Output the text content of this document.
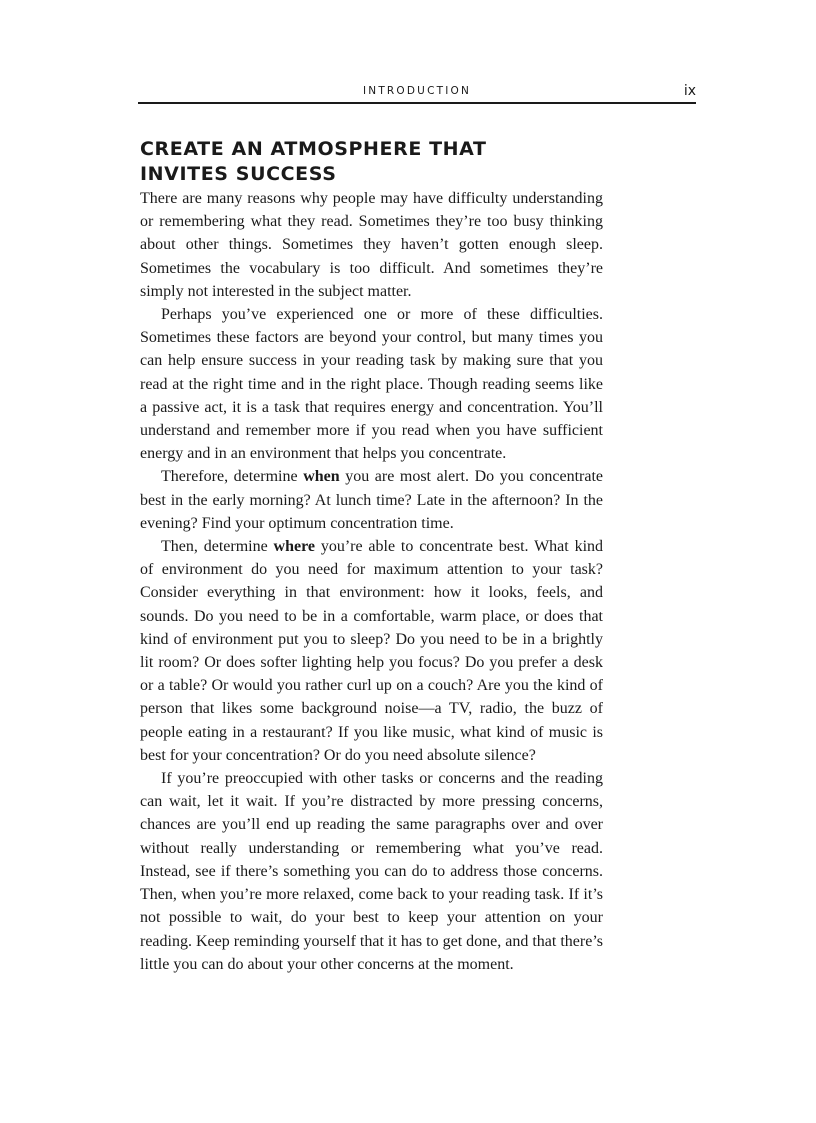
INTRODUCTION	ix
CREATE AN ATMOSPHERE THAT INVITES SUCCESS

There are many reasons why people may have difficulty understanding or remembering what they read. Sometimes they’re too busy thinking about other things. Sometimes they haven’t gotten enough sleep. Sometimes the vocabulary is too difficult. And sometimes they’re simply not interested in the subject matter.

Perhaps you’ve experienced one or more of these difficulties. Sometimes these factors are beyond your control, but many times you can help ensure success in your reading task by making sure that you read at the right time and in the right place. Though reading seems like a passive act, it is a task that requires energy and concentration. You’ll understand and remember more if you read when you have sufficient energy and in an environment that helps you concentrate.

Therefore, determine when you are most alert. Do you concentrate best in the early morning? At lunch time? Late in the afternoon? In the evening? Find your optimum concentration time.

Then, determine where you’re able to concentrate best. What kind of environment do you need for maximum attention to your task? Consider everything in that environment: how it looks, feels, and sounds. Do you need to be in a comfortable, warm place, or does that kind of environment put you to sleep? Do you need to be in a brightly lit room? Or does softer lighting help you focus? Do you prefer a desk or a table? Or would you rather curl up on a couch? Are you the kind of person that likes some background noise—a TV, radio, the buzz of people eating in a restaurant? If you like music, what kind of music is best for your concentration? Or do you need absolute silence?

If you’re preoccupied with other tasks or concerns and the reading can wait, let it wait. If you’re distracted by more pressing concerns, chances are you’ll end up reading the same paragraphs over and over without really understanding or remembering what you’ve read. Instead, see if there’s something you can do to address those concerns. Then, when you’re more relaxed, come back to your reading task. If it’s not possible to wait, do your best to keep your attention on your reading. Keep reminding yourself that it has to get done, and that there’s little you can do about your other concerns at the moment.
